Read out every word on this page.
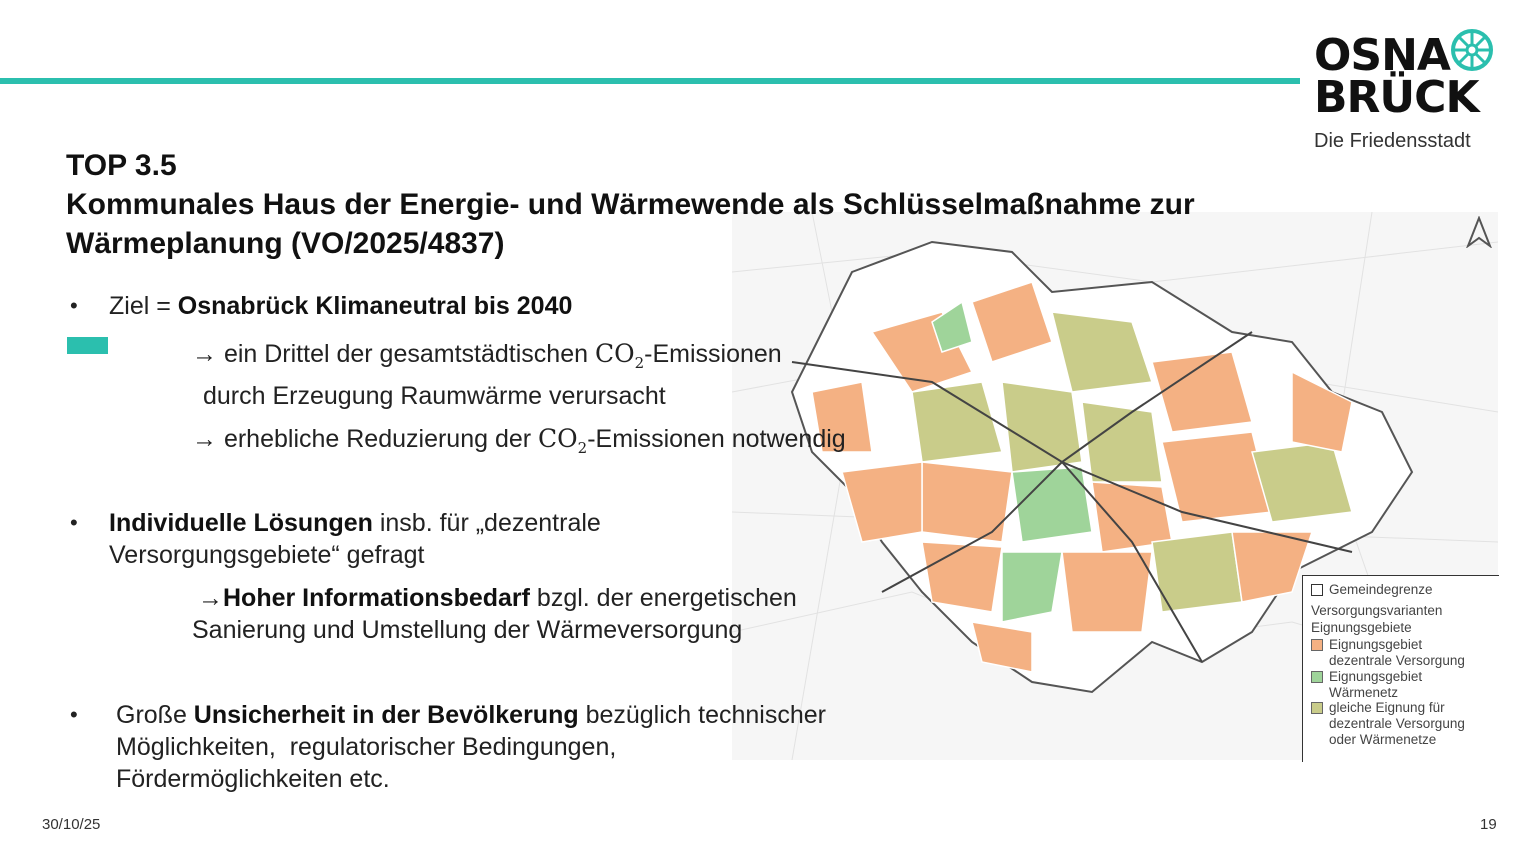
OSNA
BRÜCK
Die Friedensstadt
Gemeindegrenze
Versorgungsvarianten
Eignungsgebiete
Eignungsgebiet
dezentrale Versorgung
Eignungsgebiet
Wärmenetz
gleiche Eignung für
dezentrale Versorgung
oder Wärmenetze
TOP 3.5
Kommunales Haus der Energie- und Wärmewende als Schlüsselmaßnahme zur
Wärmeplanung (VO/2025/4837)
• Ziel = Osnabrück Klimaneutral bis 2040
→ ein Drittel der gesamtstädtischen $CO_2$-Emissionen
durch Erzeugung Raumwärme verursacht
→ erhebliche Reduzierung der $CO_2$-Emissionen notwendig
• Individuelle Lösungen insb. für „dezentrale
Versorgungsgebiete“ gefragt
→Hoher Informationsbedarf bzgl. der energetischen
Sanierung und Umstellung der Wärmeversorgung
• Große Unsicherheit in der Bevölkerung bezüglich technischer
Möglichkeiten,  regulatorischer Bedingungen,
Fördermöglichkeiten etc.
30/10/25	19
